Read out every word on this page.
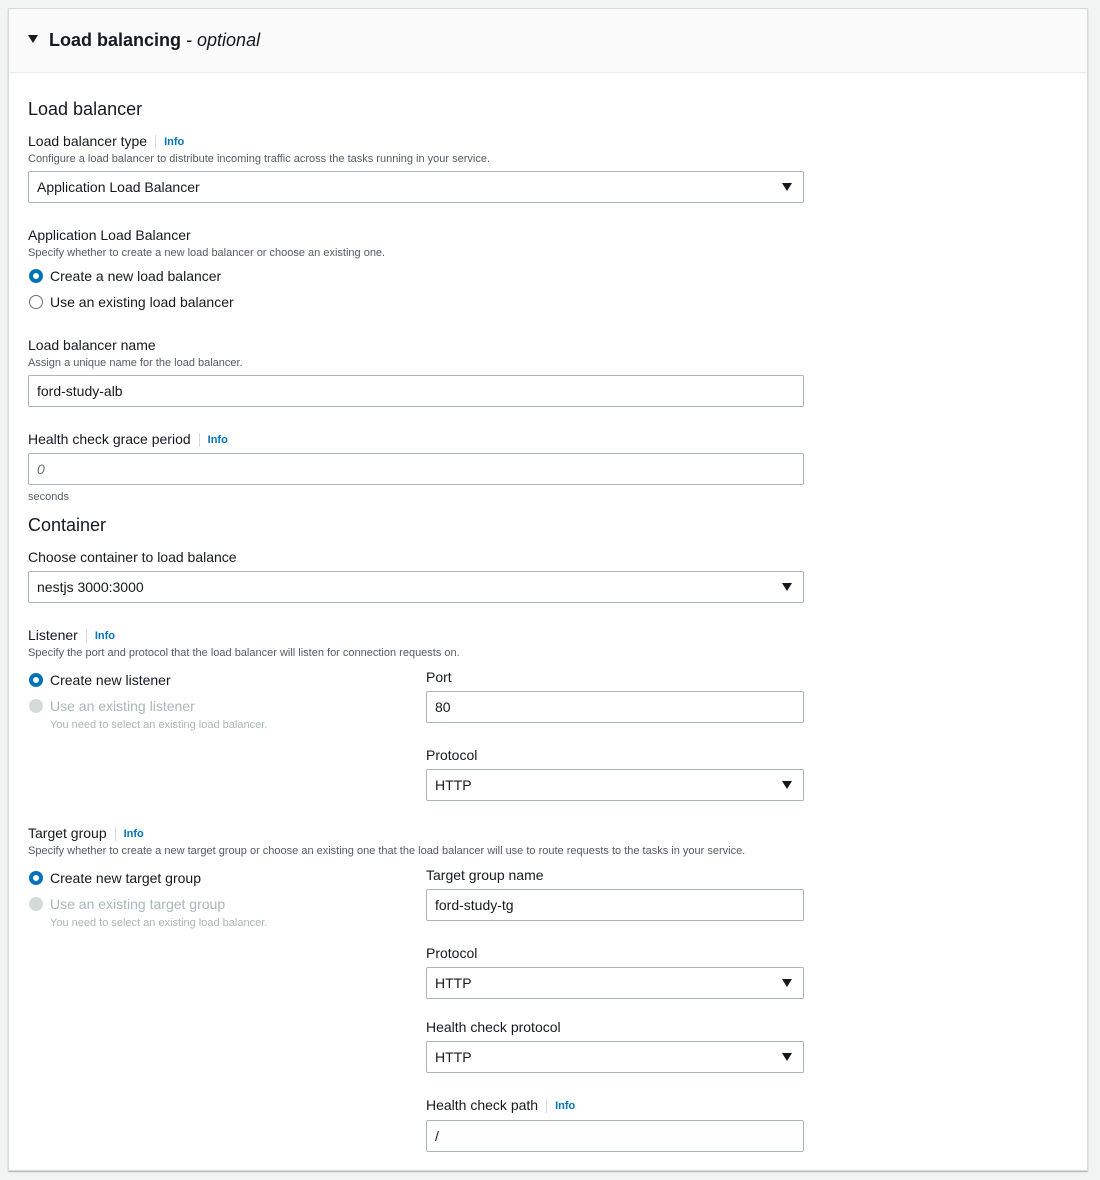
Load balancing - optional
Load balancer
Load balancer type Info
Configure a load balancer to distribute incoming traffic across the tasks running in your service.
Application Load Balancer
Application Load Balancer
Specify whether to create a new load balancer or choose an existing one.
Create a new load balancer
Use an existing load balancer
Load balancer name
Assign a unique name for the load balancer.
ford-study-alb
Health check grace period Info
0
seconds
Container
Choose container to load balance
nestjs 3000:3000
Listener Info
Specify the port and protocol that the load balancer will listen for connection requests on.
Create new listener
Use an existing listener
You need to select an existing load balancer.
Port
80
Protocol
HTTP
Target group Info
Specify whether to create a new target group or choose an existing one that the load balancer will use to route requests to the tasks in your service.
Create new target group
Use an existing target group
You need to select an existing load balancer.
Target group name
ford-study-tg
Protocol
HTTP
Health check protocol
HTTP
Health check path Info
/
